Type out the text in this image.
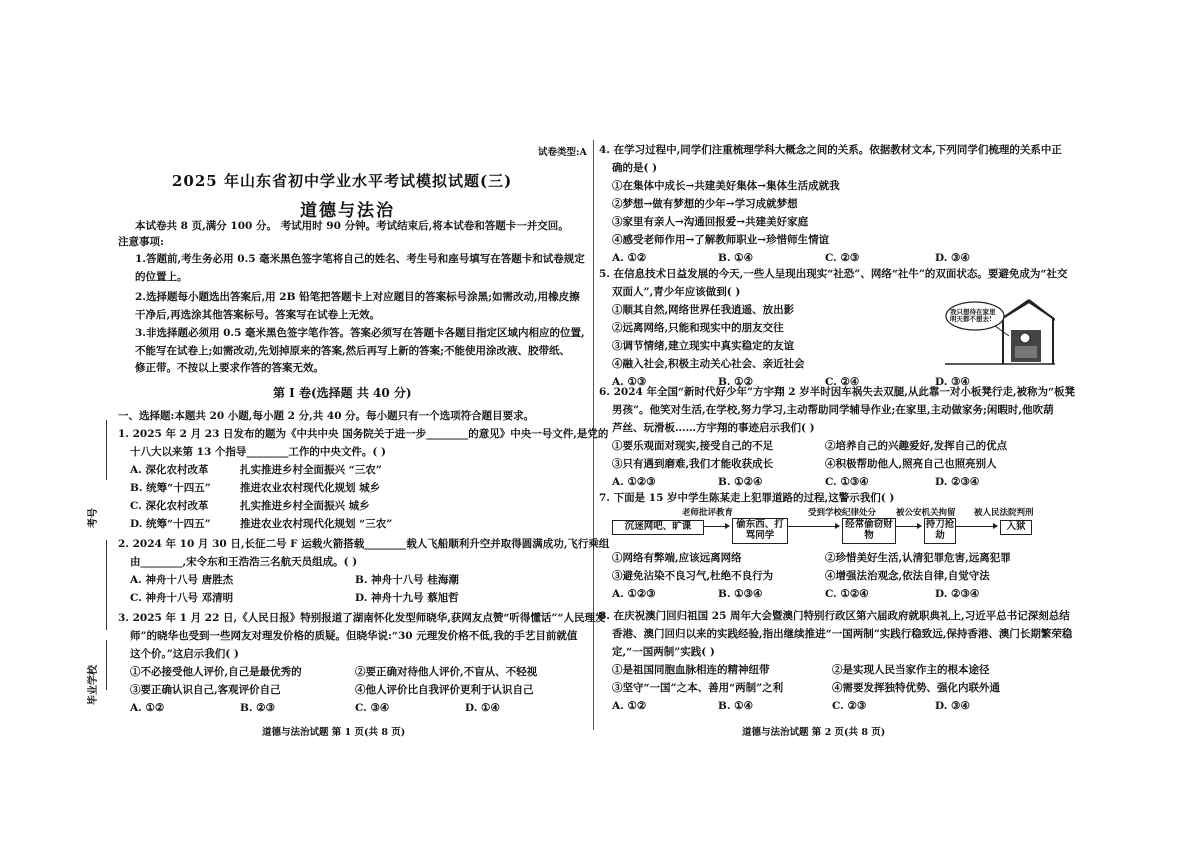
考号
毕业学校
试卷类型:A
2025 年山东省初中学业水平考试模拟试题(三)
道德与法治
本试卷共 8 页,满分 100 分。 考试用时 90 分钟。考试结束后,将本试卷和答题卡一并交回。
注意事项:
1.答题前,考生务必用 0.5 毫米黑色签字笔将自己的姓名、考生号和座号填写在答题卡和试卷规定
的位置上。
2.选择题每小题选出答案后,用 2B 铅笔把答题卡上对应题目的答案标号涂黑;如需改动,用橡皮擦
干净后,再选涂其他答案标号。答案写在试卷上无效。
3.非选择题必须用 0.5 毫米黑色签字笔作答。答案必须写在答题卡各题目指定区域内相应的位置,
不能写在试卷上;如需改动,先划掉原来的答案,然后再写上新的答案;不能使用涂改液、胶带纸、
修正带。不按以上要求作答的答案无效。
第 Ⅰ 卷(选择题 共 40 分)
一、选择题:本题共 20 小题,每小题 2 分,共 40 分。每小题只有一个选项符合题目要求。
1. 2025 年 2 月 23 日发布的题为《中共中央 国务院关于进一步________的意见》中央一号文件,是党的
十八大以来第 13 个指导________工作的中央文件。( )
A. 深化农村改革	扎实推进乡村全面振兴 “三农”
B. 统筹“十四五”	推进农业农村现代化规划 城乡
C. 深化农村改革	扎实推进乡村全面振兴 城乡
D. 统筹“十四五”	推进农业农村现代化规划 “三农”
2. 2024 年 10 月 30 日,长征二号 F 运载火箭搭载________载人飞船顺利升空并取得圆满成功,飞行乘组
由________,宋令东和王浩浩三名航天员组成。( )
A. 神舟十八号 唐胜杰	B. 神舟十八号 桂海潮
C. 神舟十八号 邓清明	D. 神舟十九号 蔡旭哲
3. 2025 年 1 月 22 日,《人民日报》特别报道了湖南怀化发型师晓华,获网友点赞“听得懂话”“人民理发
师”的晓华也受到一些网友对理发价格的质疑。但晓华说:“30 元理发价格不低,我的手艺目前就值
这个价。”这启示我们( )
①不必接受他人评价,自己是最优秀的	②要正确对待他人评价,不盲从、不轻视
③要正确认识自己,客观评价自己	④他人评价比自我评价更利于认识自己
A. ①②	B. ②③	C. ③④	D. ①④
道德与法治试题 第 1 页(共 8 页)
4. 在学习过程中,同学们注重梳理学科大概念之间的关系。依据教材文本,下列同学们梳理的关系中正
确的是( )
①在集体中成长→共建美好集体→集体生活成就我
②梦想→做有梦想的少年→学习成就梦想
③家里有亲人→沟通回报爱→共建美好家庭
④感受老师作用→了解教师职业→珍惜师生情谊
A. ①②	B. ①④	C. ②③	D. ③④
5. 在信息技术日益发展的今天,一些人呈现出现实“社恐”、网络“社牛”的双面状态。要避免成为“社交
双面人”,青少年应该做到( )
①顺其自然,网络世界任我逍遥、放出影
②远离网络,只能和现实中的朋友交往
③调节情绪,建立现实中真实稳定的友谊
④融入社会,积极主动关心社会、亲近社会
A. ①③	B. ①②	C. ②④	D. ③④
我只想待在家里 明天都不想去!
6. 2024 年全国“新时代好少年”方宇翔 2 岁半时因车祸失去双腿,从此靠一对小板凳行走,被称为“板凳
男孩”。他笑对生活,在学校,努力学习,主动帮助同学辅导作业;在家里,主动做家务;闲暇时,他吹葫
芦丝、玩滑板……方宇翔的事迹启示我们( )
①要乐观面对现实,接受自己的不足	②培养自己的兴趣爱好,发挥自己的优点
③只有遇到磨难,我们才能收获成长	④积极帮助他人,照亮自己也照亮别人
A. ①②③	B. ①②④	C. ①③④	D. ②③④
7. 下面是 15 岁中学生陈某走上犯罪道路的过程,这警示我们( )
老师批评教育	受到学校纪律处分 被公安机关拘留 被人民法院判刑
沉迷网吧、旷课	偷东西、打骂同学
经常偷窃财物
持刀抢劫
入狱
①网络有弊端,应该远离网络	②珍惜美好生活,认清犯罪危害,远离犯罪
③避免沾染不良习气,杜绝不良行为	④增强法治观念,依法自律,自觉守法
A. ①②③	B. ①③④	C. ①②④	D. ②③④
8. 在庆祝澳门回归祖国 25 周年大会暨澳门特别行政区第六届政府就职典礼上,习近平总书记深刻总结
香港、澳门回归以来的实践经验,指出继续推进“一国两制”实践行稳致远,保持香港、澳门长期繁荣稳
定,“一国两制”实践( )
①是祖国同胞血脉相连的精神纽带	②是实现人民当家作主的根本途径
③坚守“一国”之本、善用“两制”之利	④需要发挥独特优势、强化内联外通
A. ①②	B. ①④	C. ②③	D. ③④
道德与法治试题 第 2 页(共 8 页)
